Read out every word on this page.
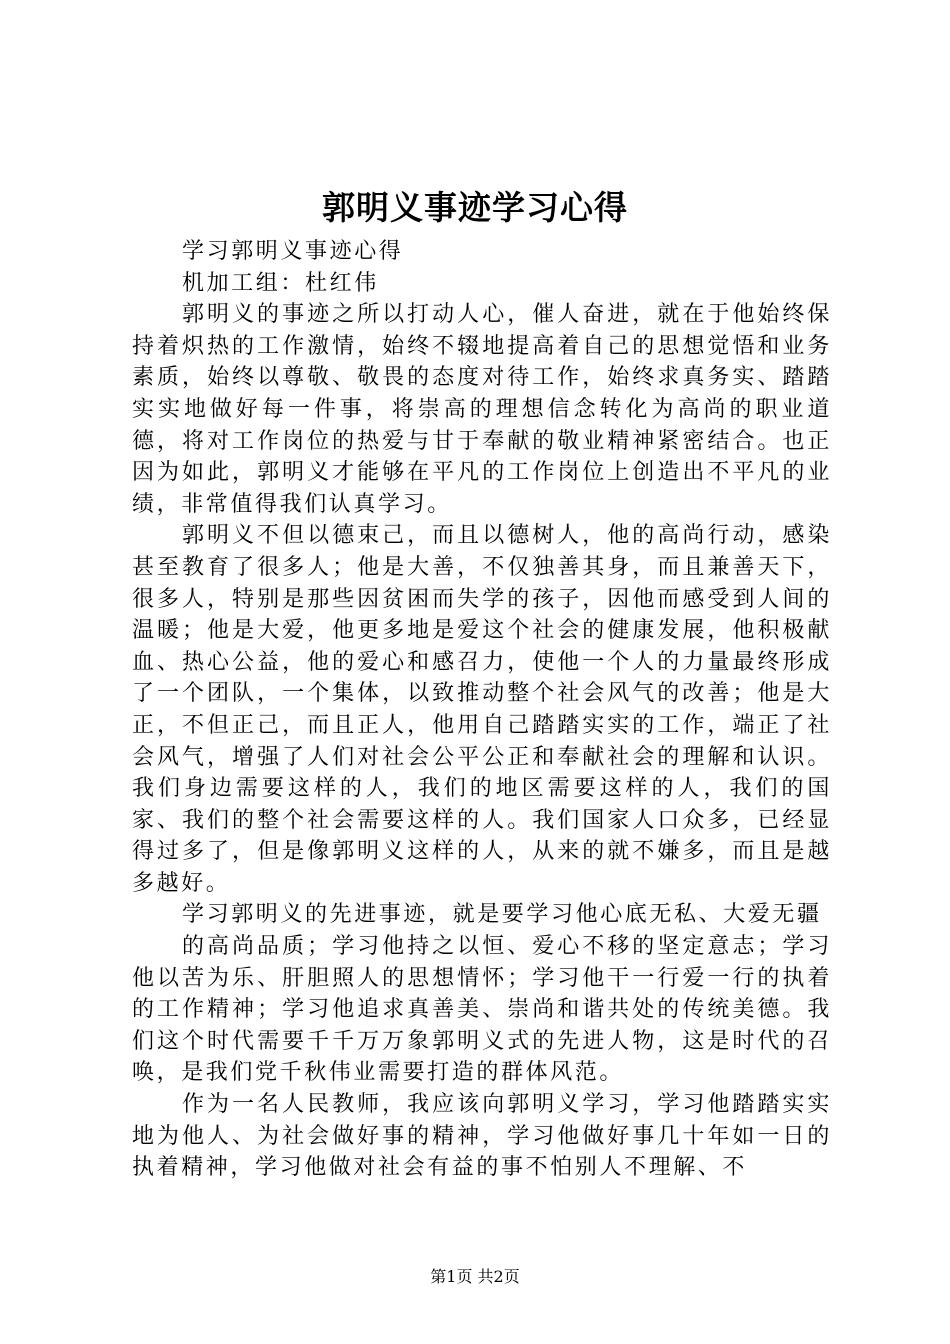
郭明义事迹学习心得

学习郭明义事迹心得

机加工组：杜红伟

郭明义的事迹之所以打动人心，催人奋进，就在于他始终保持着炽热的工作激情，始终不辍地提高着自己的思想觉悟和业务素质，始终以尊敬、敬畏的态度对待工作，始终求真务实、踏踏实实地做好每一件事，将崇高的理想信念转化为高尚的职业道德，将对工作岗位的热爱与甘于奉献的敬业精神紧密结合。也正因为如此，郭明义才能够在平凡的工作岗位上创造出不平凡的业绩，非常值得我们认真学习。

郭明义不但以德束己，而且以德树人，他的高尚行动，感染甚至教育了很多人；他是大善，不仅独善其身，而且兼善天下，很多人，特别是那些因贫困而失学的孩子，因他而感受到人间的温暖；他是大爱，他更多地是爱这个社会的健康发展，他积极献血、热心公益，他的爱心和感召力，使他一个人的力量最终形成了一个团队，一个集体，以致推动整个社会风气的改善；他是大正，不但正己，而且正人，他用自己踏踏实实的工作，端正了社会风气，增强了人们对社会公平公正和奉献社会的理解和认识。我们身边需要这样的人，我们的地区需要这样的人，我们的国家、我们的整个社会需要这样的人。我们国家人口众多，已经显得过多了，但是像郭明义这样的人，从来的就不嫌多，而且是越多越好。

学习郭明义的先进事迹，就是要学习他心底无私、大爱无疆

的高尚品质；学习他持之以恒、爱心不移的坚定意志；学习他以苦为乐、肝胆照人的思想情怀；学习他干一行爱一行的执着的工作精神；学习他追求真善美、崇尚和谐共处的传统美德。我们这个时代需要千千万万象郭明义式的先进人物，这是时代的召唤，是我们党千秋伟业需要打造的群体风范。

作为一名人民教师，我应该向郭明义学习，学习他踏踏实实地为他人、为社会做好事的精神，学习他做好事几十年如一日的执着精神，学习他做对社会有益的事不怕别人不理解、不

第1页 共2页
